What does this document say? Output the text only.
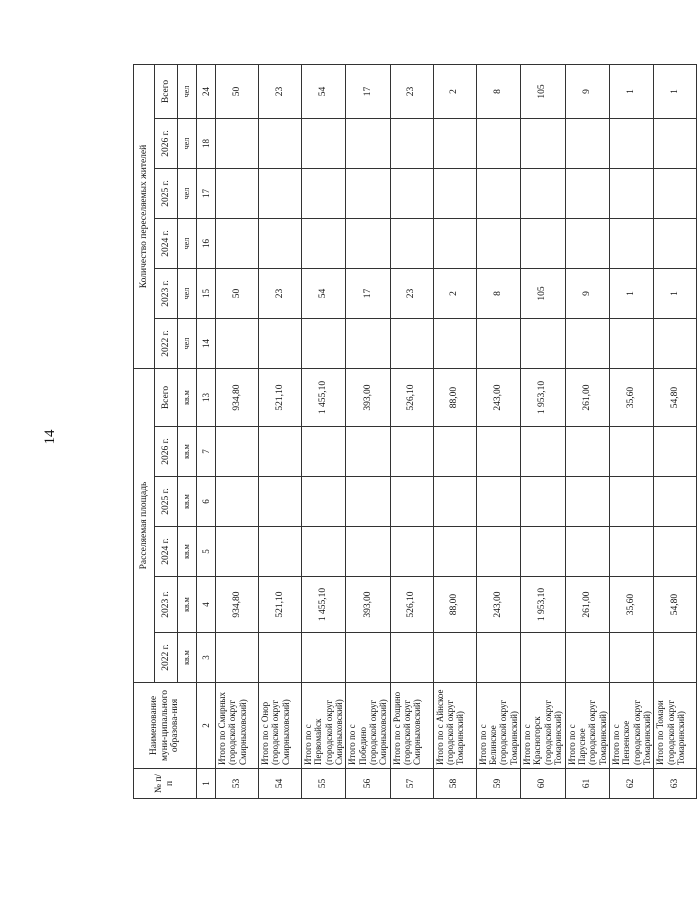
14
№ п/п	Наименование муни-ципального образова-ния	Расселяемая площадь						Количество переселяемых жителей					
		2022 г.	2023 г.	2024 г.	2025 г.	2026 г.	Всего	2022 г.	2023 г.	2024 г.	2025 г.	2026 г.	Всего
		кв.м	кв.м	кв.м	кв.м	кв.м	кв.м	чел	чел	чел	чел	чел	чел
1	2	3	4	5	6	7	13	14	15	16	17	18	24
53	Итого по Смирных (городской округ Смирныховский)		934,80				934,80		50				50
54	Итого по с Онор (городской округ Смирныховский)		521,10				521,10		23				23
55	Итого по с Первомайск (городской округ Смирныховский)		1 455,10				1 455,10		54				54
56	Итого по с Победино (городской округ Смирныховский)		393,00				393,00		17				17
57	Итого по с Рощино (городской округ Смирныховский)		526,10				526,10		23				23
58	Итого по с Айнское (городской округ Томаринский)		88,00				88,00		2				2
59	Итого по с Белинское (городской округ Томаринский)		243,00				243,00		8				8
60	Итого по с Красногорск (городской округ Томаринский)		1 953,10				1 953,10		105				105
61	Итого по с Парусное (городской округ Томаринский)		261,00				261,00		9				9
62	Итого по с Пензенское (городской округ Томаринский)		35,60				35,60		1				1
63	Итого по Томари (городской округ Томаринский)		54,80				54,80		1				1
